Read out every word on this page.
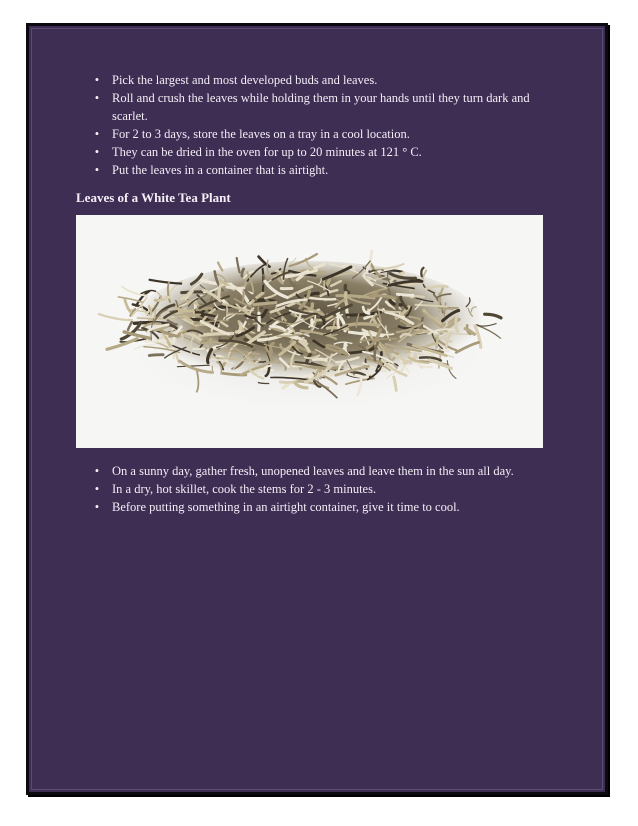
• Pick the largest and most developed buds and leaves.
• Roll and crush the leaves while holding them in your hands until they turn dark and scarlet.
• For 2 to 3 days, store the leaves on a tray in a cool location.
• They can be dried in the oven for up to 20 minutes at 121 ° C.
• Put the leaves in a container that is airtight.
Leaves of a White Tea Plant
• On a sunny day, gather fresh, unopened leaves and leave them in the sun all day.
• In a dry, hot skillet, cook the stems for 2 - 3 minutes.
• Before putting something in an airtight container, give it time to cool.
